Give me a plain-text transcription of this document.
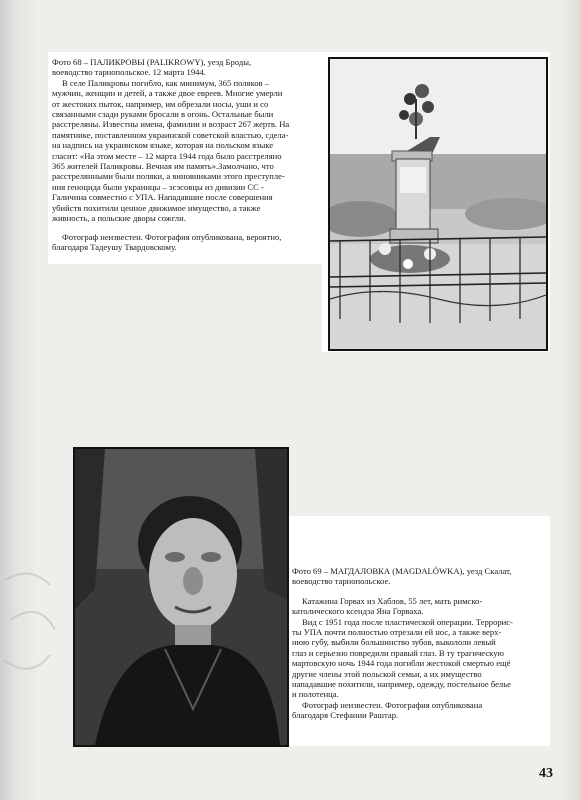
Фото 68 – ПАЛИКРОВЫ (PALIKROWY), уезд Броды,

воеводство тарнопольское. 12 марта 1944.

В селе Паликровы погибло, как минимум, 365 поляков –

мужчин, женщин и детей, а также двое евреев. Многие умерли

от жестоких пыток, например, им обрезали носы, уши и со

связанными сзади руками бросали в огонь. Остальные были

расстреляны. Известны имена, фамилии и возраст 267 жертв. На

памятнике, поставленном украинской советской властью, сдела-

на надпись на украинском языке, которая на польском языке

гласит: «На этом месте – 12 марта 1944 года было расстреляно

365 жителей Паликровы. Вечная им память».Замолчано, что

расстрелянными были поляки, а виновниками этого преступле-

ния геноцида были украинцы – эсэсовцы из дивизии СС -

Галичина совместно с УПА. Нападавшие после совершения

убийств похитили ценное движимое имущество, а также

живность, а польские дворы сожгли.

Фотограф неизвестен. Фотография опубликована, вероятно,

благодаря Тадеушу Твардовскому.

Фото 69 – МАГДАЛОВКА (MAGDALÓWKA), уезд Скалат,

воеводство тарнопольское.

Катажина Горвах из Хаблов, 55 лет, мать римско-

католического ксендза Яна Горваха.

Вид с 1951 года после пластической операции. Террорис-

ты УПА почти полностью отрезали ей нос, а также верх-

нюю губу, выбили большинство зубов, выкололи левый

глаз и серьезно повредили правый глаз. В ту трагическую

мартовскую ночь 1944 года погибли жестокой смертью ещё

другие члены этой польской семьи, а их имущество

нападавшие похитили, например, одежду, постельное белье

и полотенца.

Фотограф неизвестен. Фотография опубликована

благодаря Стефании Раштар.

43
